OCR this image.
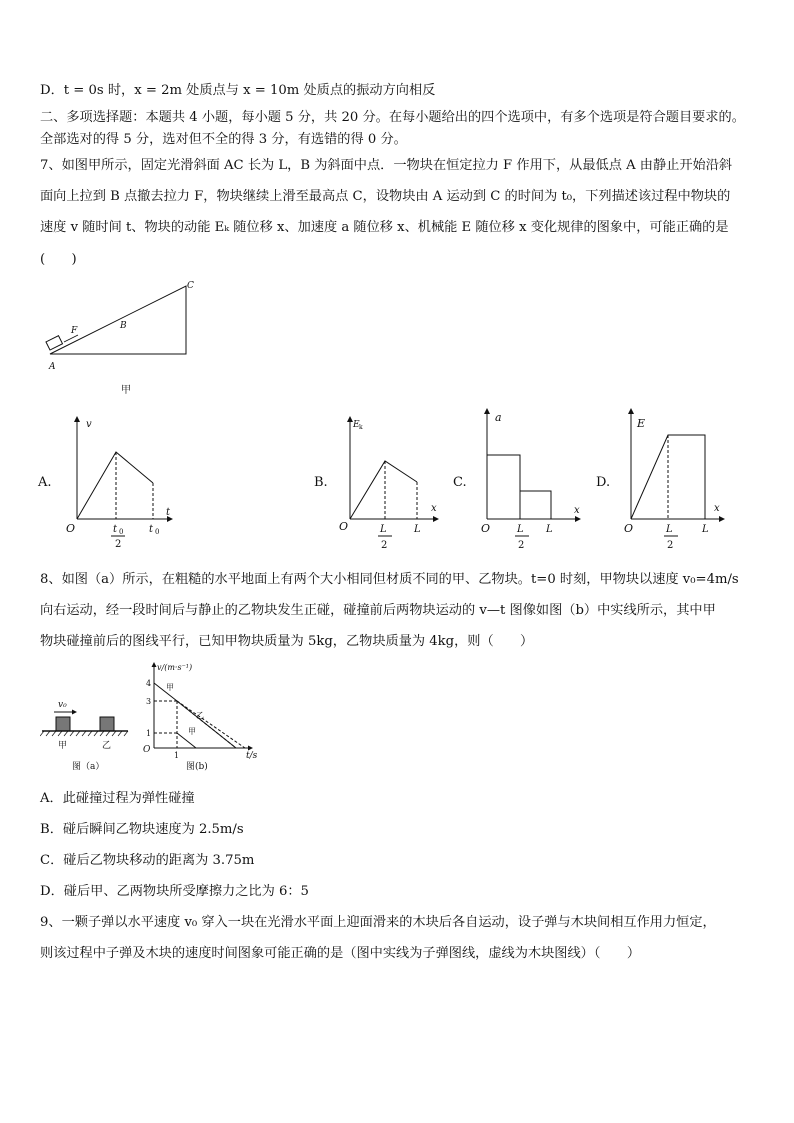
D．t = 0s 时，x = 2m 处质点与 x = 10m 处质点的振动方向相反
二、多项选择题：本题共 4 小题，每小题 5 分，共 20 分。在每小题给出的四个选项中，有多个选项是符合题目要求的。
全部选对的得 5 分，选对但不全的得 3 分，有选错的得 0 分。
7、如图甲所示，固定光滑斜面 AC 长为 L，B 为斜面中点．一物块在恒定拉力 F 作用下，从最低点 A 由静止开始沿斜
面向上拉到 B 点撤去拉力 F，物块继续上滑至最高点 C，设物块由 A 运动到 C 的时间为 t₀，下列描述该过程中物块的
速度 v 随时间 t、物块的动能 Eₖ 随位移 x、加速度 a 随位移 x、机械能 E 随位移 x 变化规律的图象中，可能正确的是
(　　)
F	B
C
A
甲
A.
v
t
O	t 0
2
t 0
B.
E k
x
O	L
2
L
C.
a
x
O	L
2
L
D.
E
x
O	L
2
L
8、如图（a）所示，在粗糙的水平地面上有两个大小相同但材质不同的甲、乙物块。t=0 时刻，甲物块以速度 v₀=4m/s
向右运动，经一段时间后与静止的乙物块发生正碰，碰撞前后两物块运动的 v—t 图像如图（b）中实线所示，其中甲
物块碰撞前后的图线平行，已知甲物块质量为 5kg，乙物块质量为 4kg，则（　　）
v₀
甲	乙
图（a）
v/(m·s⁻¹)
t/s
O
4
3
1
1
甲
乙
甲
图(b)
A．此碰撞过程为弹性碰撞
B．碰后瞬间乙物块速度为 2.5m/s
C．碰后乙物块移动的距离为 3.75m
D．碰后甲、乙两物块所受摩擦力之比为 6：5
9、一颗子弹以水平速度 v₀ 穿入一块在光滑水平面上迎面滑来的木块后各自运动，设子弹与木块间相互作用力恒定，
则该过程中子弹及木块的速度时间图象可能正确的是（图中实线为子弹图线，虚线为木块图线）（　　）
